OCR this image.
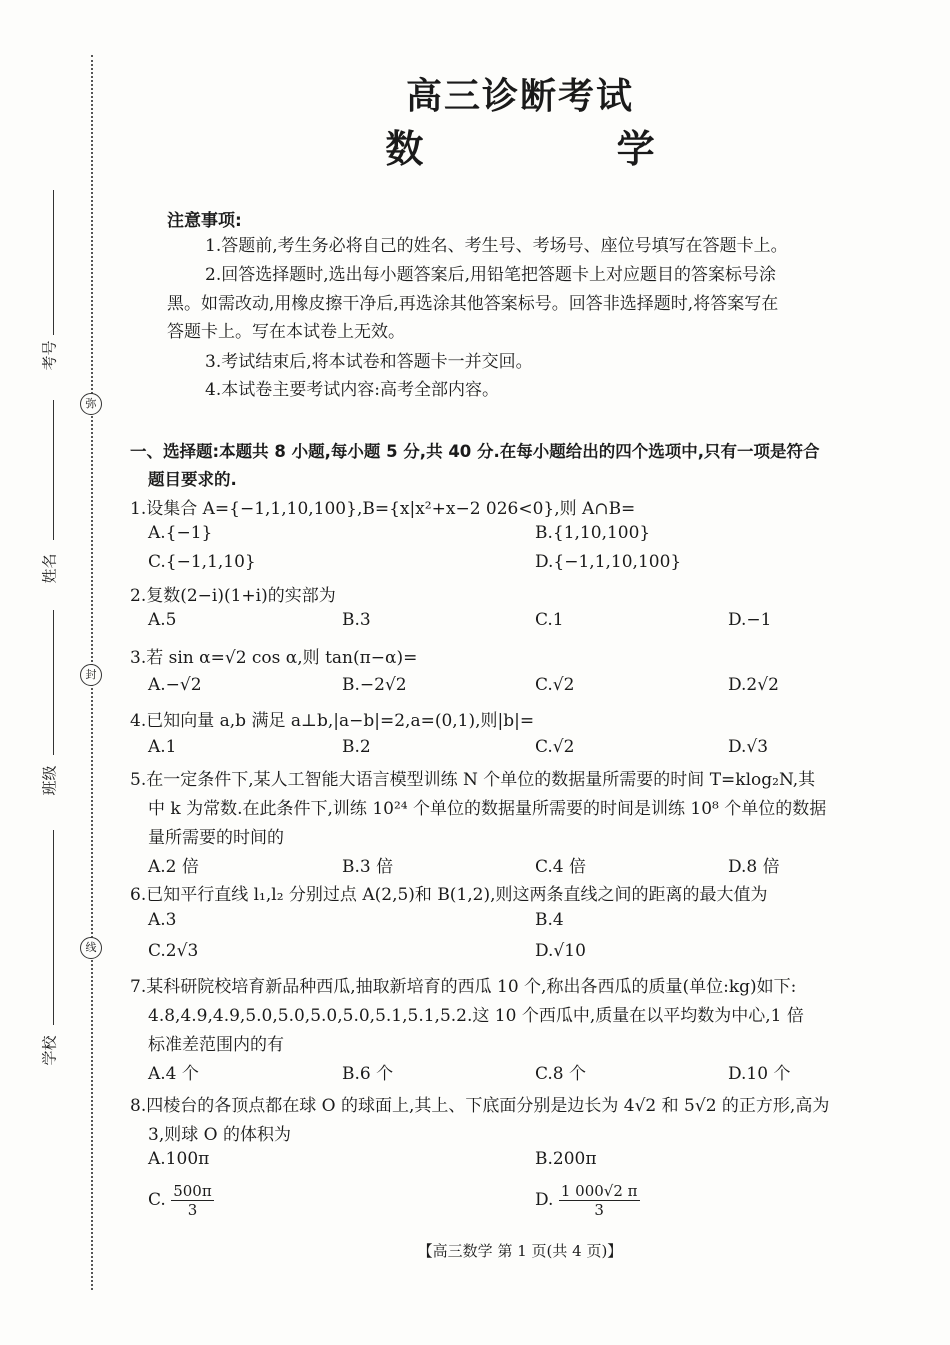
弥
封
线
考号
姓名
班级
学校
高三诊断考试
数 学
注意事项:
1.答题前,考生务必将自己的姓名、考生号、考场号、座位号填写在答题卡上。
2.回答选择题时,选出每小题答案后,用铅笔把答题卡上对应题目的答案标号涂
黑。如需改动,用橡皮擦干净后,再选涂其他答案标号。回答非选择题时,将答案写在
答题卡上。写在本试卷上无效。
3.考试结束后,将本试卷和答题卡一并交回。
4.本试卷主要考试内容:高考全部内容。
一、选择题:本题共 8 小题,每小题 5 分,共 40 分.在每小题给出的四个选项中,只有一项是符合
题目要求的.
1.设集合 A={−1,1,10,100},B={x|x²+x−2 026<0},则 A∩B=
A.{−1}	B.{1,10,100}
C.{−1,1,10}	D.{−1,1,10,100}
2.复数(2−i)(1+i)的实部为
A.5	B.3	C.1	D.−1
3.若 sin α=√2 cos α,则 tan(π−α)=
A.−√2	B.−2√2	C.√2	D.2√2
4.已知向量 a,b 满足 a⊥b,|a−b|=2,a=(0,1),则|b|=
A.1	B.2	C.√2	D.√3
5.在一定条件下,某人工智能大语言模型训练 N 个单位的数据量所需要的时间 T=klog₂N,其
中 k 为常数.在此条件下,训练 10²⁴ 个单位的数据量所需要的时间是训练 10⁸ 个单位的数据
量所需要的时间的
A.2 倍	B.3 倍	C.4 倍	D.8 倍
6.已知平行直线 l₁,l₂ 分别过点 A(2,5)和 B(1,2),则这两条直线之间的距离的最大值为
A.3	B.4
C.2√3	D.√10
7.某科研院校培育新品种西瓜,抽取新培育的西瓜 10 个,称出各西瓜的质量(单位:kg)如下:
4.8,4.9,4.9,5.0,5.0,5.0,5.0,5.1,5.1,5.2.这 10 个西瓜中,质量在以平均数为中心,1 倍
标准差范围内的有
A.4 个	B.6 个	C.8 个	D.10 个
8.四棱台的各顶点都在球 O 的球面上,其上、下底面分别是边长为 4√2 和 5√2 的正方形,高为
3,则球 O 的体积为
A.100π	B.200π
C. $\frac{500\pi}{3}$	D. $\frac{1 000√2 \pi}{3}$
【高三数学 第 1 页(共 4 页)】
